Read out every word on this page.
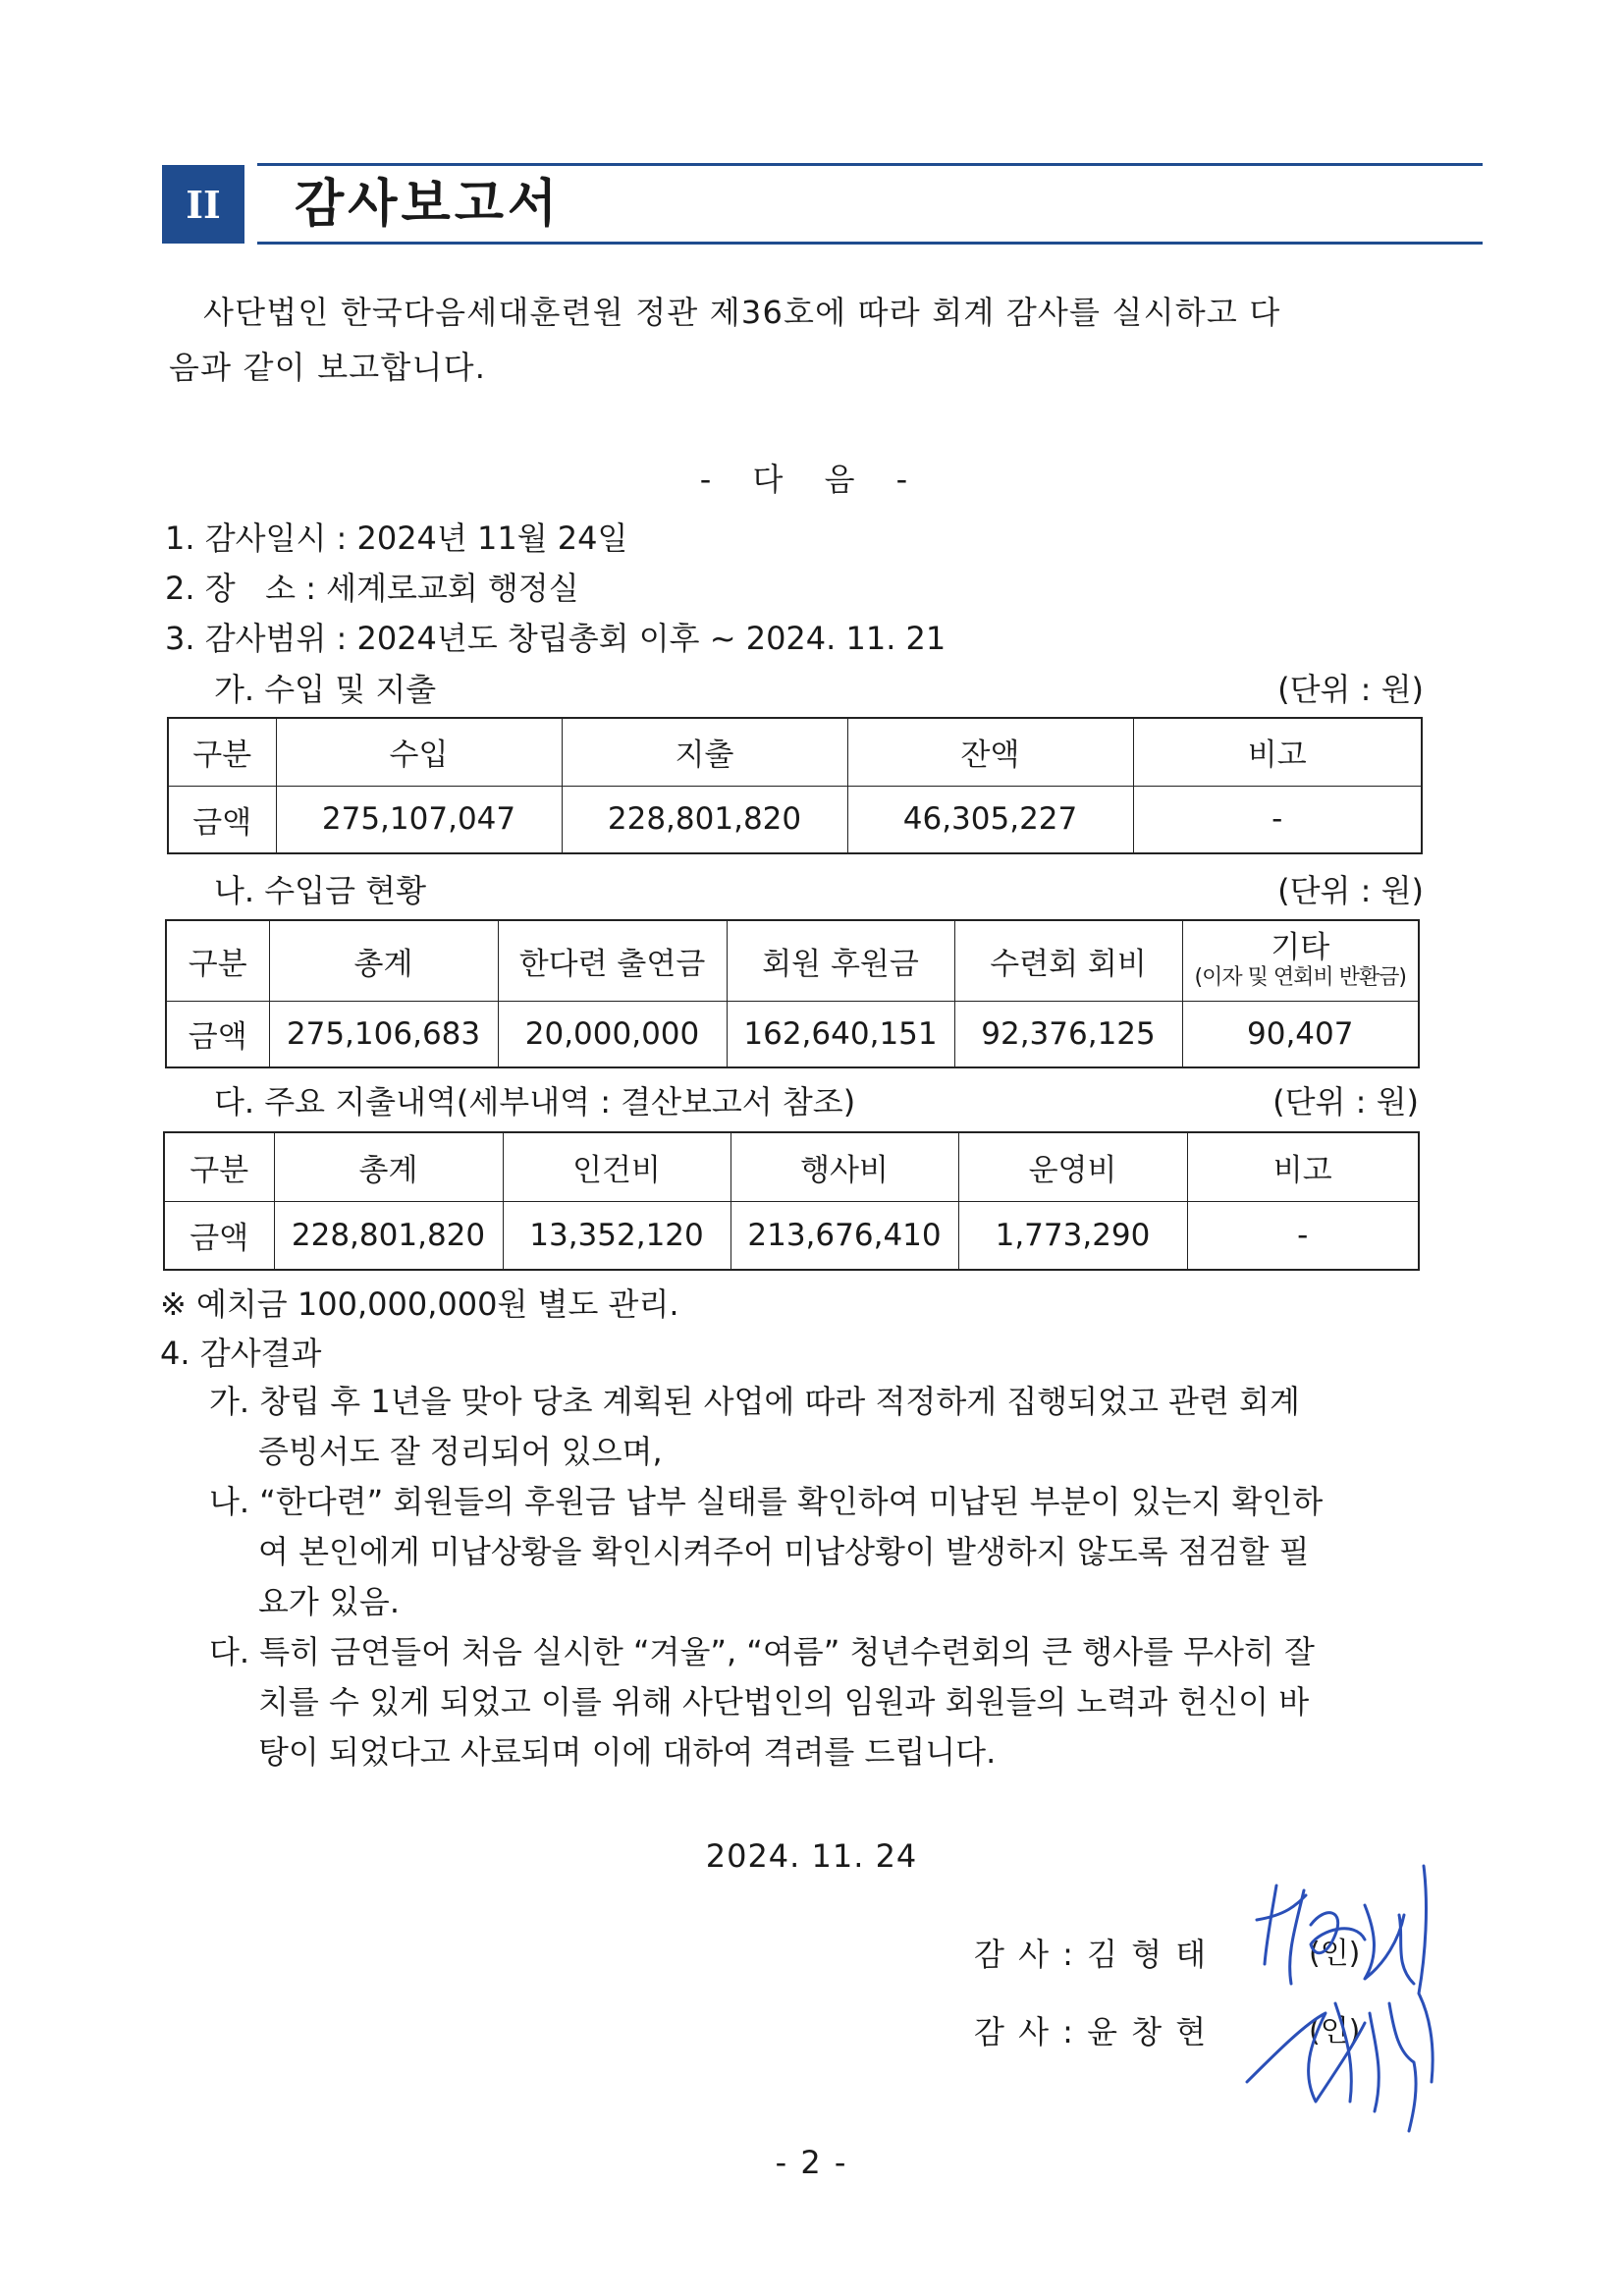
II	감사보고서
사단법인 한국다음세대훈련원 정관 제36호에 따라 회계 감사를 실시하고 다
음과 같이 보고합니다.
- 다 음 -
1. 감사일시 : 2024년 11월 24일
2. 장   소 : 세계로교회 행정실
3. 감사범위 : 2024년도 창립총회 이후 ~ 2024. 11. 21
가. 수입 및 지출	(단위 : 원)
구분	수입	지출	잔액	비고
금액	275,107,047	228,801,820	46,305,227	-
나. 수입금 현황	(단위 : 원)
구분	총계	한다련 출연금	회원 후원금	수련회 회비	기타
(이자 및 연회비 반환금)

금액	275,106,683	20,000,000	162,640,151	92,376,125	90,407
다. 주요 지출내역(세부내역 : 결산보고서 참조)	(단위 : 원)
구분	총계	인건비	행사비	운영비	비고
금액	228,801,820	13,352,120	213,676,410	1,773,290	-
※ 예치금 100,000,000원 별도 관리.
4. 감사결과
가. 창립 후 1년을 맞아 당초 계획된 사업에 따라 적정하게 집행되었고 관련 회계
증빙서도 잘 정리되어 있으며,
나. “한다련” 회원들의 후원금 납부 실태를 확인하여 미납된 부분이 있는지 확인하
여 본인에게 미납상황을 확인시켜주어 미납상황이 발생하지 않도록 점검할 필
요가 있음.
다. 특히 금연들어 처음 실시한 “겨울”, “여름” 청년수련회의 큰 행사를 무사히 잘
치를 수 있게 되었고 이를 위해 사단법인의 임원과 회원들의 노력과 헌신이 바
탕이 되었다고 사료되며 이에 대하여 격려를 드립니다.
2024. 11. 24
감 사 : 김 형 태	(인)
감 사 : 윤 창 현	(인)
- 2 -
